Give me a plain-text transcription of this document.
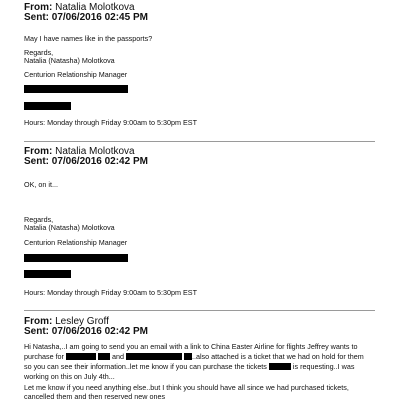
From: Natalia Molotkova
Sent: 07/06/2016 02:45 PM
May I have names like in the passports?
Regards,
Natalia (Natasha) Molotkova
Centurion Relationship Manager
Hours: Monday through Friday 9:00am to 5:30pm EST
From: Natalia Molotkova
Sent: 07/06/2016 02:42 PM
OK, on it...
Regards,
Natalia (Natasha) Molotkova
Centurion Relationship Manager
Hours: Monday through Friday 9:00am to 5:30pm EST
From: Lesley Groff
Sent: 07/06/2016 02:42 PM
Hi Natasha,..I am going to send you an email with a link to China Easter Airline for flights Jeffrey wants to purchase for	and	..also attached is a ticket that we had on hold for them so you can see their information..let me know if you can purchase the tickets	is requesting..I was working on this on July 4th...
Let me know if you need anything else..but I think you should have all since we had purchased tickets, cancelled them and then reserved new ones
